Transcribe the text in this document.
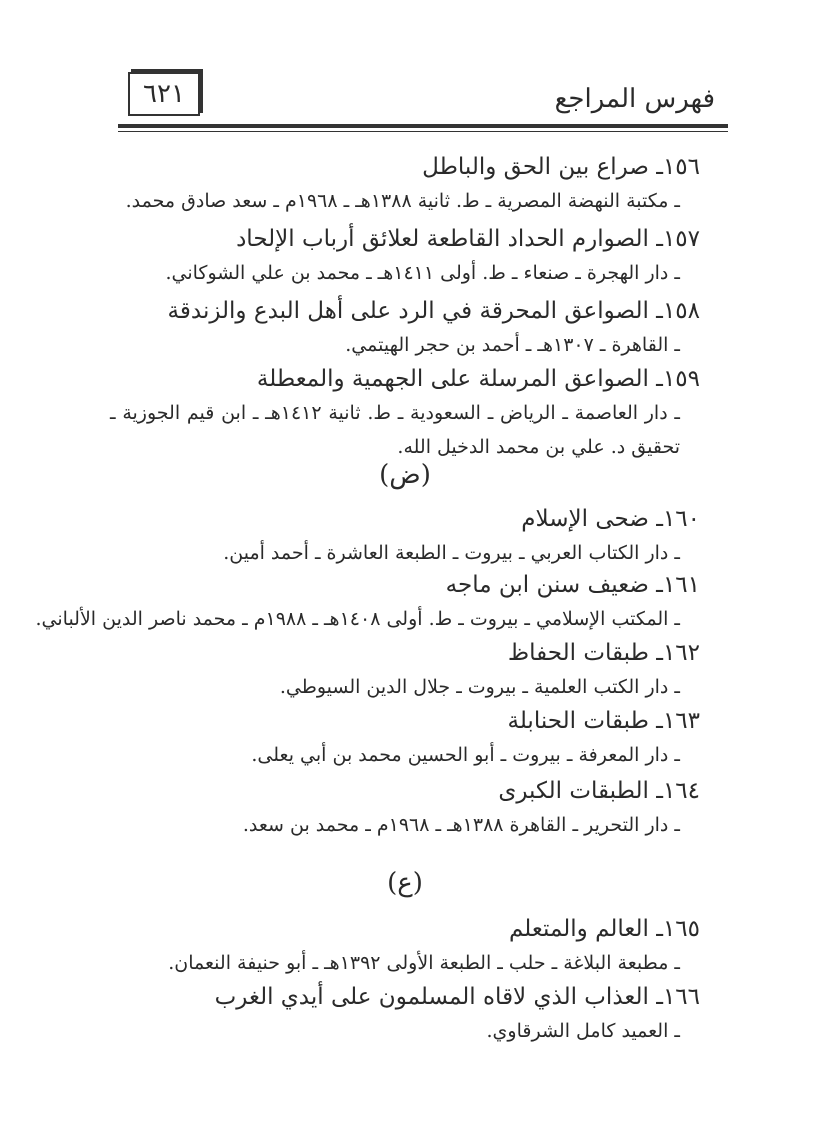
٦٢١	فهرس المراجع
١٥٦ـ صراع بين الحق والباطل
ـ مكتبة النهضة المصرية ـ ط. ثانية ١٣٨٨هـ ـ ١٩٦٨م ـ سعد صادق محمد.
١٥٧ـ الصوارم الحداد القاطعة لعلائق أرباب الإلحاد
ـ دار الهجرة ـ صنعاء ـ ط. أولى ١٤١١هـ ـ محمد بن علي الشوكاني.
١٥٨ـ الصواعق المحرقة في الرد على أهل البدع والزندقة
ـ القاهرة ـ ١٣٠٧هـ ـ أحمد بن حجر الهيتمي.
١٥٩ـ الصواعق المرسلة على الجهمية والمعطلة
ـ دار العاصمة ـ الرياض ـ السعودية ـ ط. ثانية ١٤١٢هـ ـ ابن قيم الجوزية ـ تحقيق د. علي بن محمد الدخيل الله.
(ض)
١٦٠ـ ضحى الإسلام
ـ دار الكتاب العربي ـ بيروت ـ الطبعة العاشرة ـ أحمد أمين.
١٦١ـ ضعيف سنن ابن ماجه
ـ المكتب الإسلامي ـ بيروت ـ ط. أولى ١٤٠٨هـ ـ ١٩٨٨م ـ محمد ناصر الدين الألباني.
١٦٢ـ طبقات الحفاظ
ـ دار الكتب العلمية ـ بيروت ـ جلال الدين السيوطي.
١٦٣ـ طبقات الحنابلة
ـ دار المعرفة ـ بيروت ـ أبو الحسين محمد بن أبي يعلى.
١٦٤ـ الطبقات الكبرى
ـ دار التحرير ـ القاهرة ١٣٨٨هـ ـ ١٩٦٨م ـ محمد بن سعد.
(ع)
١٦٥ـ العالم والمتعلم
ـ مطبعة البلاغة ـ حلب ـ الطبعة الأولى ١٣٩٢هـ ـ أبو حنيفة النعمان.
١٦٦ـ العذاب الذي لاقاه المسلمون على أيدي الغرب
ـ العميد كامل الشرقاوي.
